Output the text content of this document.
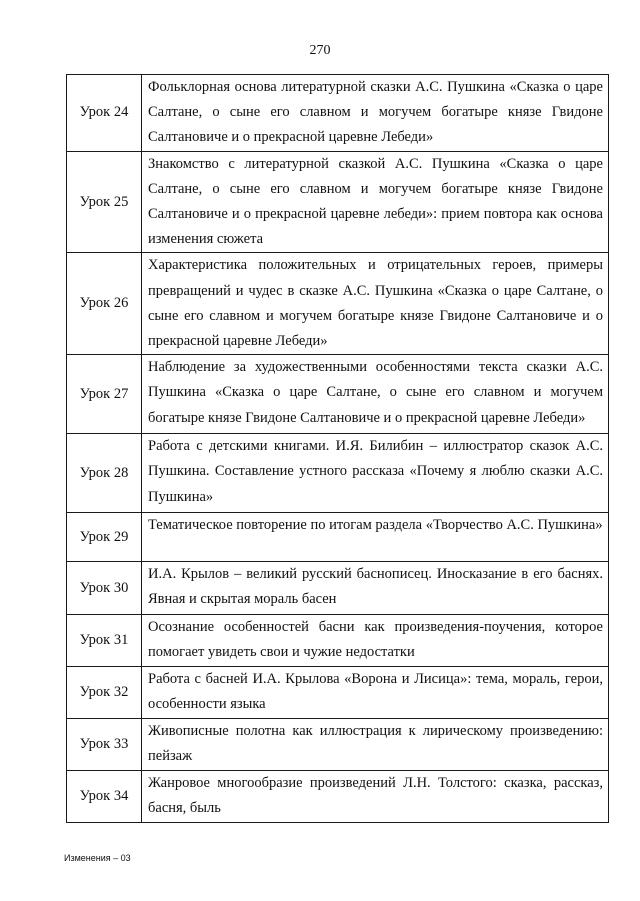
270
Урок 24	Фольклорная основа литературной сказки А.С. Пушкина «Сказка о царе Салтане, о сыне его славном и могучем богатыре князе Гвидоне Салтановиче и о прекрасной царевне Лебеди»
Урок 25	Знакомство с литературной сказкой А.С. Пушкина «Сказка о царе Салтане, о сыне его славном и могучем богатыре князе Гвидоне Салтановиче и о прекрасной царевне лебеди»: прием повтора как основа изменения сюжета
Урок 26	Характеристика положительных и отрицательных героев, примеры превращений и чудес в сказке А.С. Пушкина «Сказка о царе Салтане, о сыне его славном и могучем богатыре князе Гвидоне Салтановиче и о прекрасной царевне Лебеди»
Урок 27	Наблюдение за художественными особенностями текста сказки А.С. Пушкина «Сказка о царе Салтане, о сыне его славном и могучем богатыре князе Гвидоне Салтановиче и о прекрасной царевне Лебеди»
Урок 28	Работа с детскими книгами. И.Я. Билибин – иллюстратор сказок А.С. Пушкина. Составление устного рассказа «Почему я люблю сказки А.С. Пушкина»
Урок 29	Тематическое повторение по итогам раздела «Творчество А.С. Пушкина»
Урок 30	И.А. Крылов – великий русский баснописец. Иносказание в его баснях. Явная и скрытая мораль басен
Урок 31	Осознание особенностей басни как произведения-поучения, которое помогает увидеть свои и чужие недостатки
Урок 32	Работа с басней И.А. Крылова «Ворона и Лисица»: тема, мораль, герои, особенности языка
Урок 33	Живописные полотна как иллюстрация к лирическому произведению: пейзаж
Урок 34	Жанровое многообразие произведений Л.Н. Толстого: сказка, рассказ, басня, быль
Изменения – 03
